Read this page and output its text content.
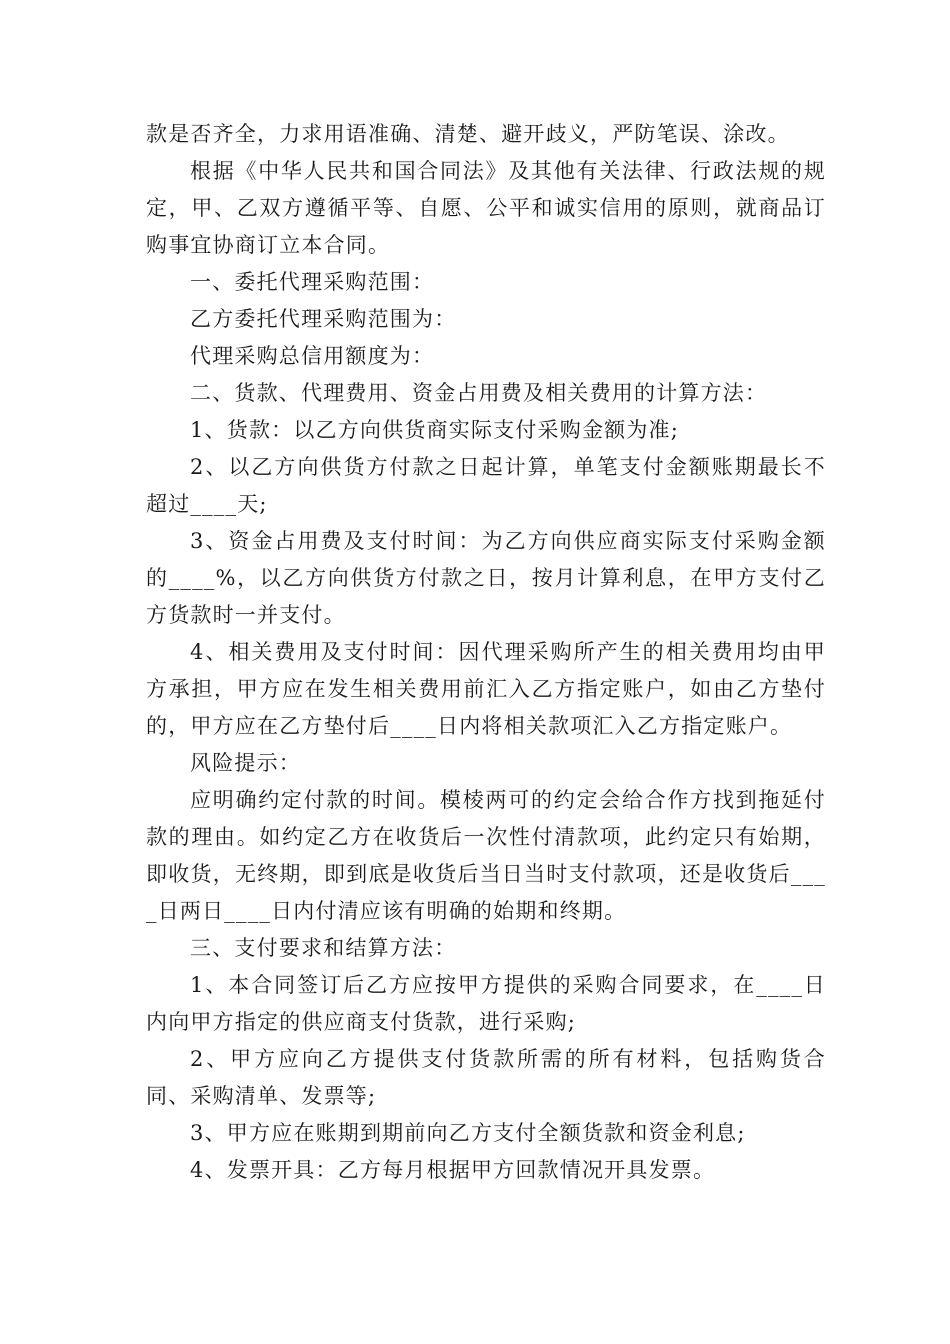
款是否齐全，力求用语准确、清楚、避开歧义，严防笔误、涂改。

根据《中华人民共和国合同法》及其他有关法律、行政法规的规定，甲、乙双方遵循平等、自愿、公平和诚实信用的原则，就商品订购事宜协商订立本合同。

一、委托代理采购范围：

乙方委托代理采购范围为：

代理采购总信用额度为：

二、货款、代理费用、资金占用费及相关费用的计算方法：

1、货款：以乙方向供货商实际支付采购金额为准;

2、以乙方向供货方付款之日起计算，单笔支付金额账期最长不超过____天;

3、资金占用费及支付时间：为乙方向供应商实际支付采购金额的____%，以乙方向供货方付款之日，按月计算利息，在甲方支付乙方货款时一并支付。

4、相关费用及支付时间：因代理采购所产生的相关费用均由甲方承担，甲方应在发生相关费用前汇入乙方指定账户，如由乙方垫付的，甲方应在乙方垫付后____日内将相关款项汇入乙方指定账户。

风险提示：

应明确约定付款的时间。模棱两可的约定会给合作方找到拖延付款的理由。如约定乙方在收货后一次性付清款项，此约定只有始期，即收货，无终期，即到底是收货后当日当时支付款项，还是收货后____日两日____日内付清应该有明确的始期和终期。

三、支付要求和结算方法：

1、本合同签订后乙方应按甲方提供的采购合同要求，在____日内向甲方指定的供应商支付货款，进行采购;

2、甲方应向乙方提供支付货款所需的所有材料，包括购货合同、采购清单、发票等;

3、甲方应在账期到期前向乙方支付全额货款和资金利息;

4、发票开具：乙方每月根据甲方回款情况开具发票。
